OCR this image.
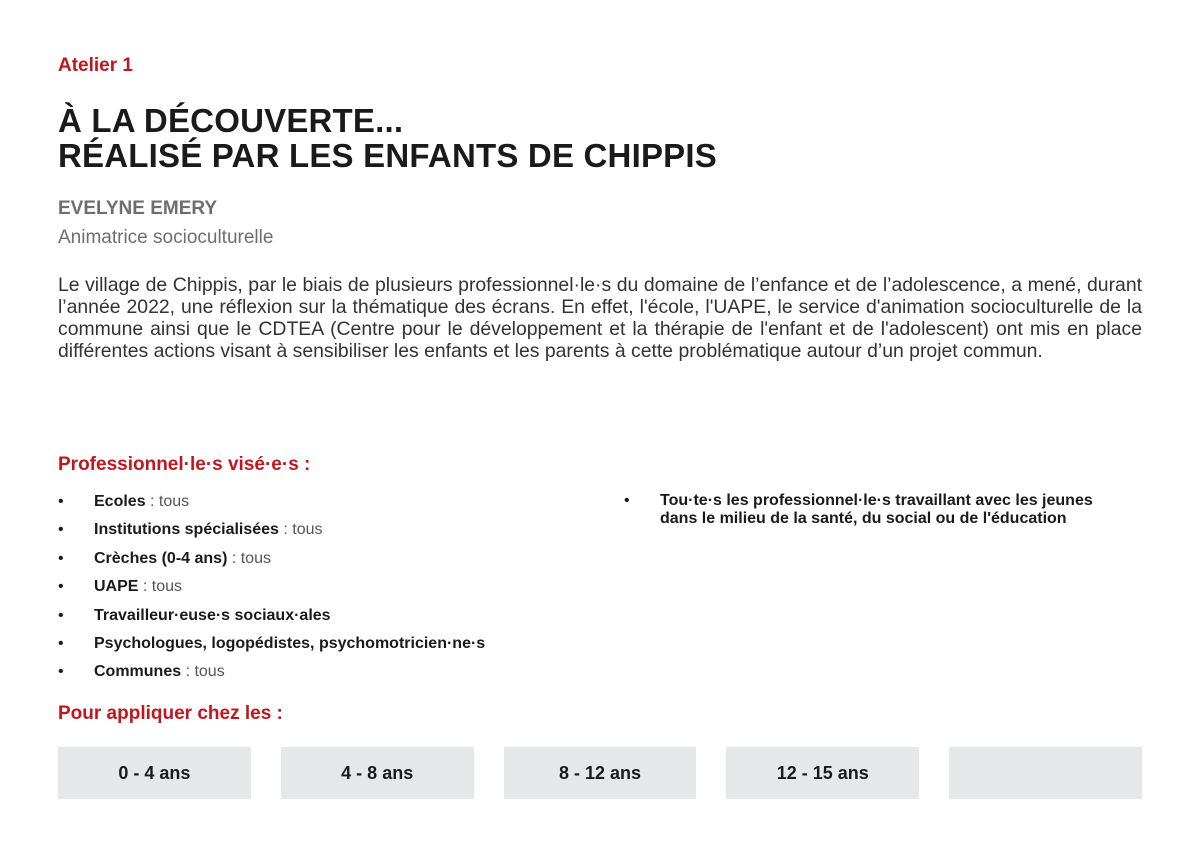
Atelier 1
À LA DÉCOUVERTE...
RÉALISÉ PAR LES ENFANTS DE CHIPPIS
EVELYNE EMERY
Animatrice socioculturelle

Le village de Chippis, par le biais de plusieurs professionnel·le·s du domaine de l’enfance et de l’adolescence, a mené, durant l’année 2022, une réflexion sur la thématique des écrans. En effet, l'école, l'UAPE, le service d'animation socioculturelle de la commune ainsi que le CDTEA (Centre pour le développement et la thérapie de l'enfant et de l'adolescent) ont mis en place différentes actions visant à sensibiliser les enfants et les parents à cette problématique autour d’un projet commun.

Professionnel·le·s visé·e·s :
• Ecoles : tous
• Institutions spécialisées : tous
• Crèches (0-4 ans) : tous
• UAPE : tous
• Travailleur·euse·s sociaux·ales
• Psychologues, logopédistes, psychomotricien·ne·s
• Communes : tous
• Tou·te·s les professionnel·le·s travaillant avec les jeunes dans le milieu de la santé, du social ou de l'éducation
Pour appliquer chez les :
0 - 4 ans	4 - 8 ans	8 - 12 ans	12 - 15 ans
